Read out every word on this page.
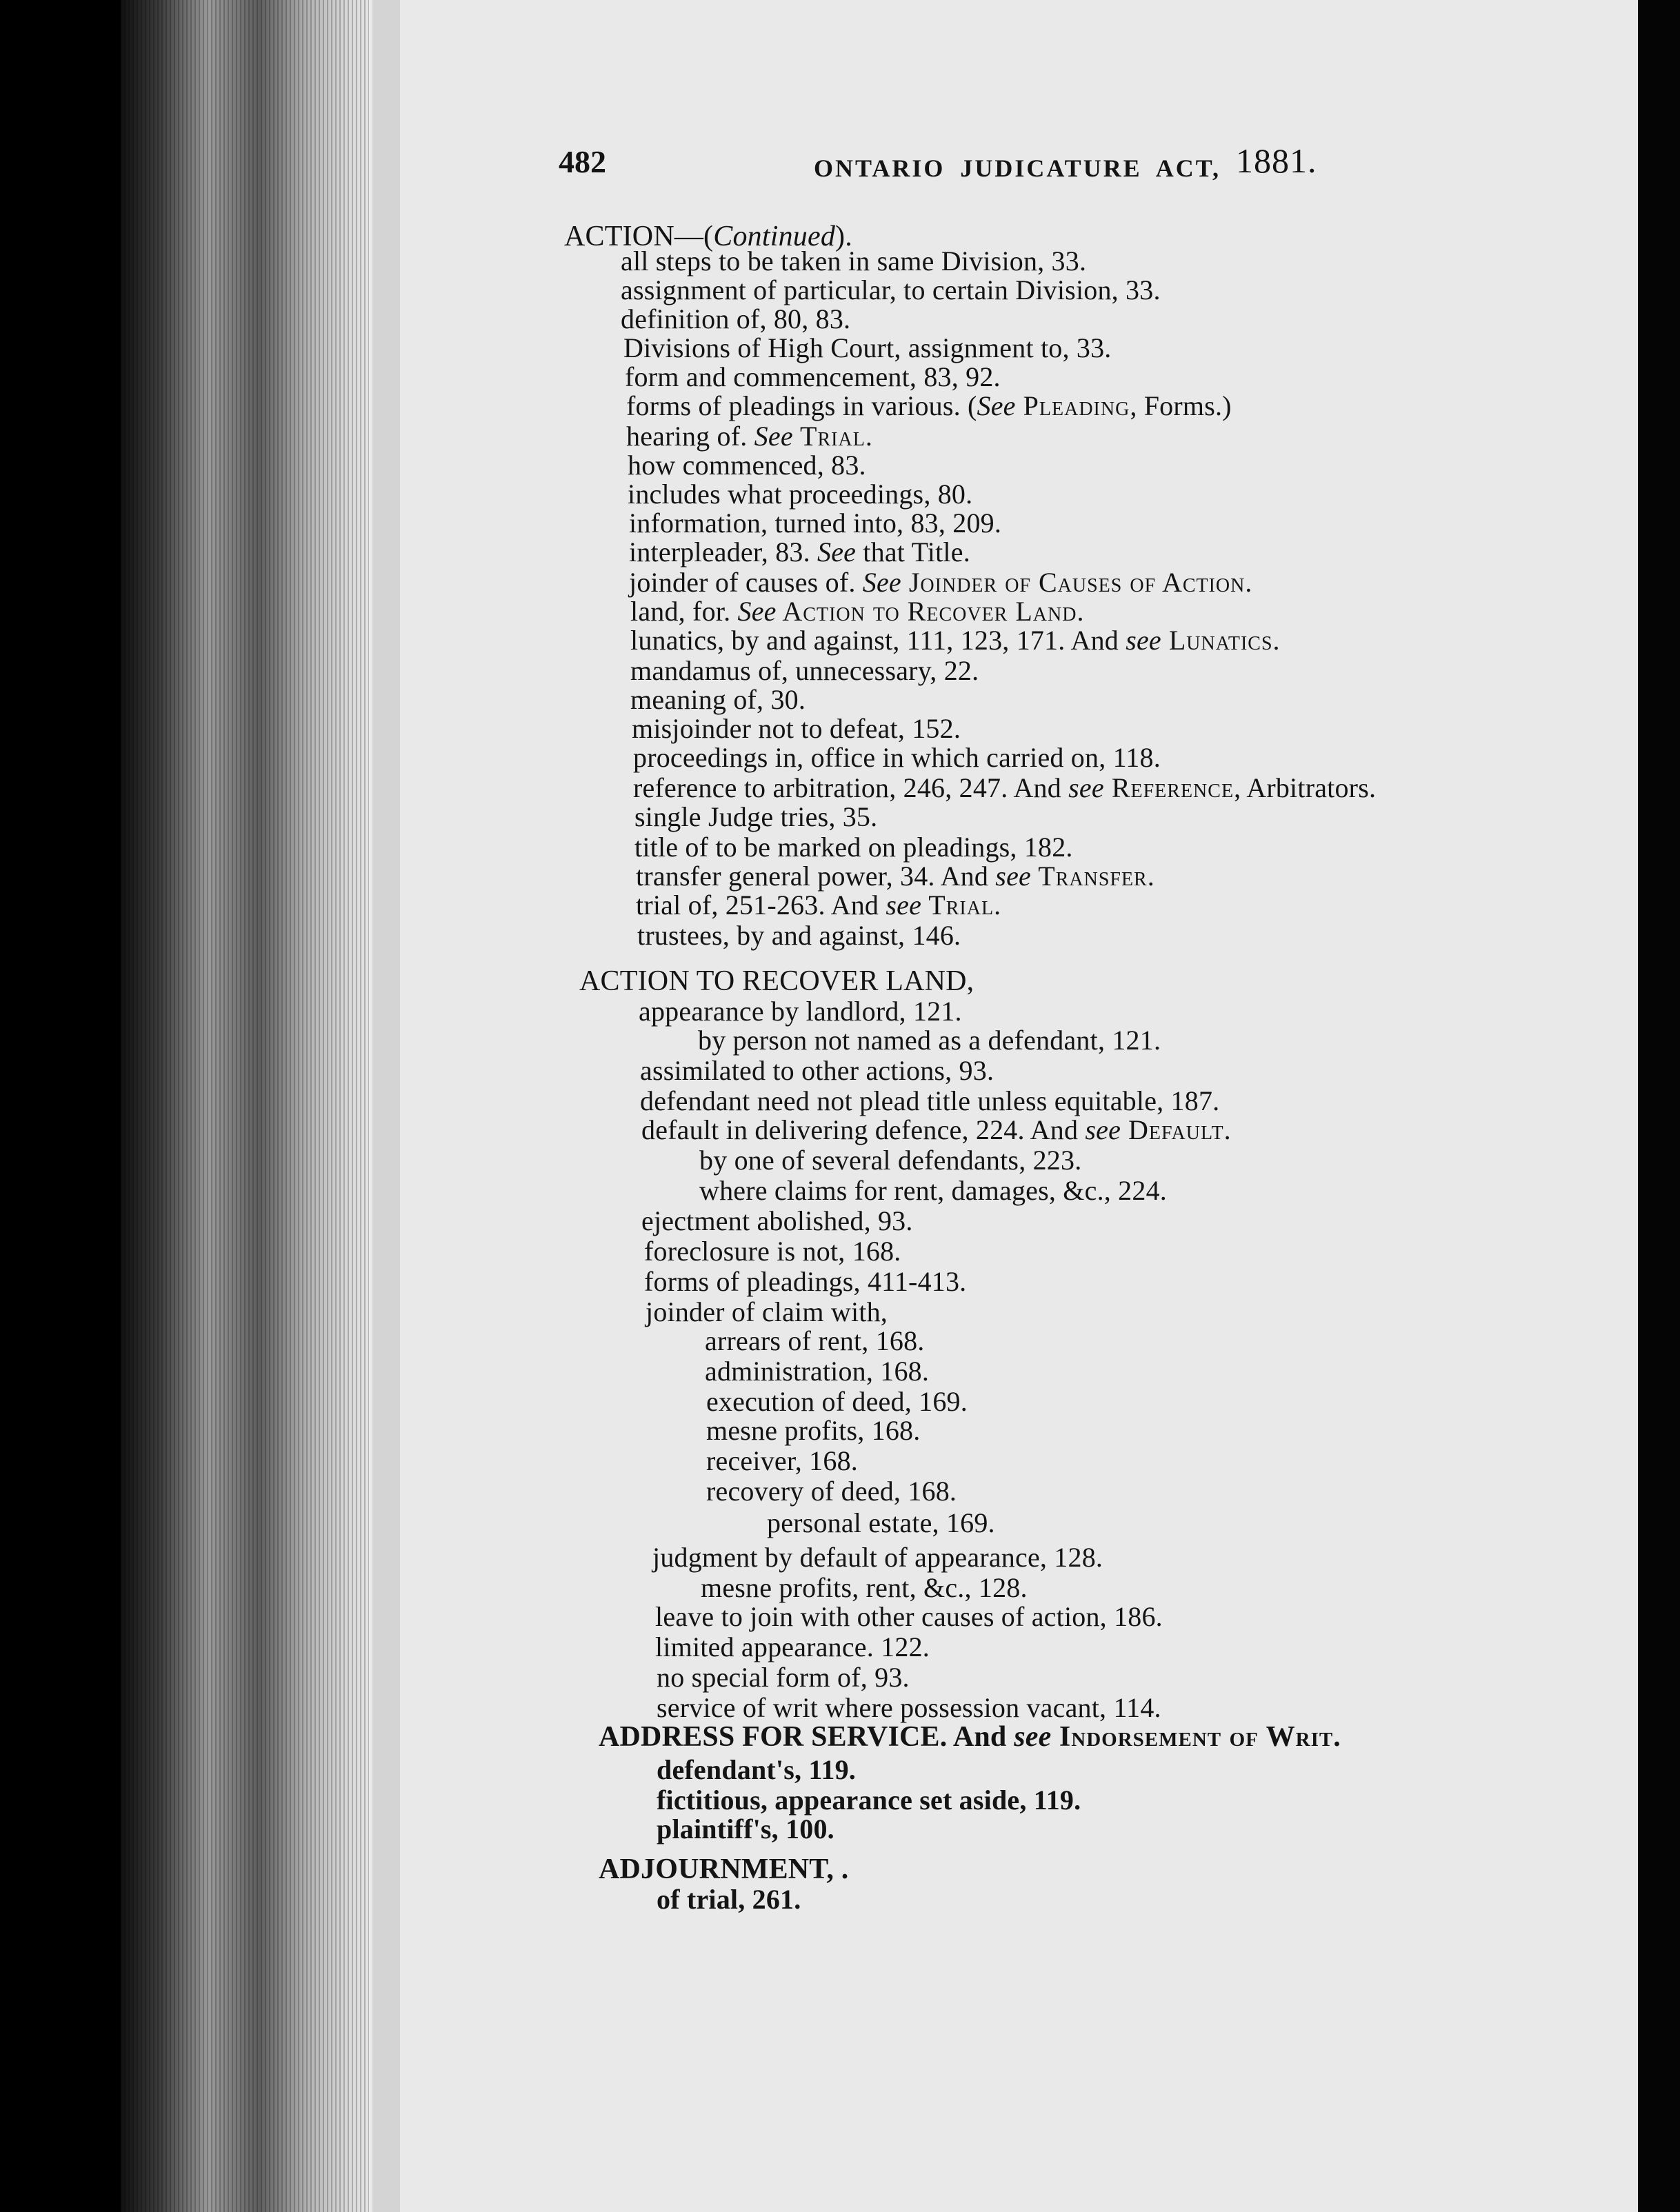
482	ONTARIO JUDICATURE ACT, 1881.
ACTION—(Continued).
all steps to be taken in same Division, 33.
assignment of particular, to certain Division, 33.
definition of, 80, 83.
Divisions of High Court, assignment to, 33.
form and commencement, 83, 92.
forms of pleadings in various. (See Pleading, Forms.)
hearing of. See Trial.
how commenced, 83.
includes what proceedings, 80.
information, turned into, 83, 209.
interpleader, 83. See that Title.
joinder of causes of. See Joinder of Causes of Action.
land, for. See Action to Recover Land.
lunatics, by and against, 111, 123, 171. And see Lunatics.
mandamus of, unnecessary, 22.
meaning of, 30.
misjoinder not to defeat, 152.
proceedings in, office in which carried on, 118.
reference to arbitration, 246, 247. And see Reference, Arbitrators.
single Judge tries, 35.
title of to be marked on pleadings, 182.
transfer general power, 34. And see Transfer.
trial of, 251-263. And see Trial.
trustees, by and against, 146.
ACTION TO RECOVER LAND,
appearance by landlord, 121.
by person not named as a defendant, 121.
assimilated to other actions, 93.
defendant need not plead title unless equitable, 187.
default in delivering defence, 224. And see Default.
by one of several defendants, 223.
where claims for rent, damages, &c., 224.
ejectment abolished, 93.
foreclosure is not, 168.
forms of pleadings, 411-413.
joinder of claim with,
arrears of rent, 168.
administration, 168.
execution of deed, 169.
mesne profits, 168.
receiver, 168.
recovery of deed, 168.
personal estate, 169.
judgment by default of appearance, 128.
mesne profits, rent, &c., 128.
leave to join with other causes of action, 186.
limited appearance. 122.
no special form of, 93.
service of writ where possession vacant, 114.
ADDRESS FOR SERVICE. And see Indorsement of Writ.
defendant's, 119.
fictitious, appearance set aside, 119.
plaintiff's, 100.
ADJOURNMENT, .
of trial, 261.
